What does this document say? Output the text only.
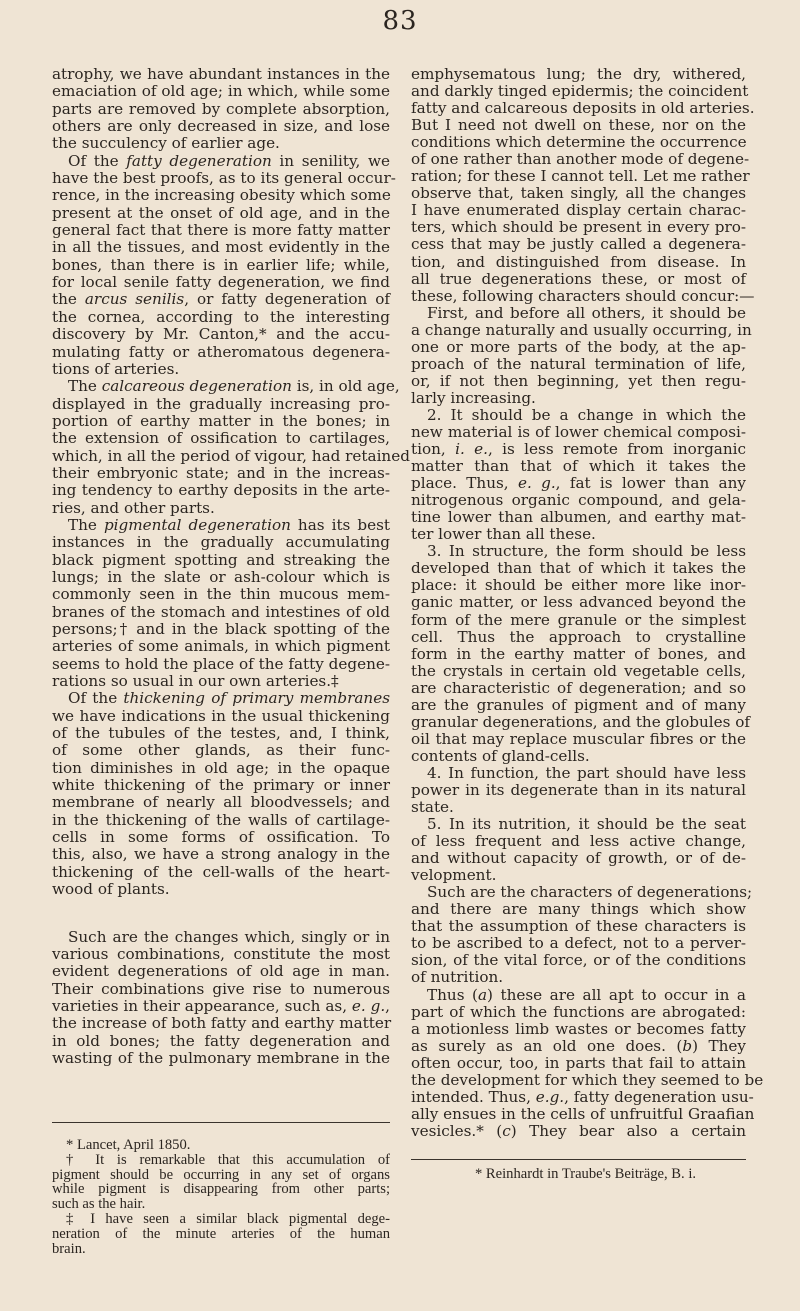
83
atrophy, we have abundant instances in the
emaciation of old age; in which, while some
parts are removed by complete absorption,
others are only decreased in size, and lose
the succulency of earlier age.
Of the fatty degeneration in senility, we
have the best proofs, as to its general occur-
rence, in the increasing obesity which some
present at the onset of old age, and in the
general fact that there is more fatty matter
in all the tissues, and most evidently in the
bones, than there is in earlier life; while,
for local senile fatty degeneration, we find
the arcus senilis, or fatty degeneration of
the cornea, according to the interesting
discovery by Mr. Canton,* and the accu-
mulating fatty or atheromatous degenera-
tions of arteries.
The calcareous degeneration is, in old age,
displayed in the gradually increasing pro-
portion of earthy matter in the bones; in
the extension of ossification to cartilages,
which, in all the period of vigour, had retained
their embryonic state; and in the increas-
ing tendency to earthy deposits in the arte-
ries, and other parts.
The pigmental degeneration has its best
instances in the gradually accumulating
black pigment spotting and streaking the
lungs; in the slate or ash-colour which is
commonly seen in the thin mucous mem-
branes of the stomach and intestines of old
persons;† and in the black spotting of the
arteries of some animals, in which pigment
seems to hold the place of the fatty degene-
rations so usual in our own arteries.‡
Of the thickening of primary membranes
we have indications in the usual thickening
of the tubules of the testes, and, I think,
of some other glands, as their func-
tion diminishes in old age; in the opaque
white thickening of the primary or inner
membrane of nearly all bloodvessels; and
in the thickening of the walls of cartilage-
cells in some forms of ossification. To
this, also, we have a strong analogy in the
thickening of the cell-walls of the heart-
wood of plants.
Such are the changes which, singly or in
various combinations, constitute the most
evident degenerations of old age in man.
Their combinations give rise to numerous
varieties in their appearance, such as, e. g.,
the increase of both fatty and earthy matter
in old bones; the fatty degeneration and
wasting of the pulmonary membrane in the
emphysematous lung; the dry, withered,
and darkly tinged epidermis; the coincident
fatty and calcareous deposits in old arteries.
But I need not dwell on these, nor on the
conditions which determine the occurrence
of one rather than another mode of degene-
ration; for these I cannot tell. Let me rather
observe that, taken singly, all the changes
I have enumerated display certain charac-
ters, which should be present in every pro-
cess that may be justly called a degenera-
tion, and distinguished from disease. In
all true degenerations these, or most of
these, following characters should concur:—
First, and before all others, it should be
a change naturally and usually occurring, in
one or more parts of the body, at the ap-
proach of the natural termination of life,
or, if not then beginning, yet then regu-
larly increasing.
2. It should be a change in which the
new material is of lower chemical composi-
tion, i. e., is less remote from inorganic
matter than that of which it takes the
place. Thus, e. g., fat is lower than any
nitrogenous organic compound, and gela-
tine lower than albumen, and earthy mat-
ter lower than all these.
3. In structure, the form should be less
developed than that of which it takes the
place: it should be either more like inor-
ganic matter, or less advanced beyond the
form of the mere granule or the simplest
cell. Thus the approach to crystalline
form in the earthy matter of bones, and
the crystals in certain old vegetable cells,
are characteristic of degeneration; and so
are the granules of pigment and of many
granular degenerations, and the globules of
oil that may replace muscular fibres or the
contents of gland-cells.
4. In function, the part should have less
power in its degenerate than in its natural
state.
5. In its nutrition, it should be the seat
of less frequent and less active change,
and without capacity of growth, or of de-
velopment.
Such are the characters of degenerations;
and there are many things which show
that the assumption of these characters is
to be ascribed to a defect, not to a perver-
sion, of the vital force, or of the conditions
of nutrition.
Thus (a) these are all apt to occur in a
part of which the functions are abrogated:
a motionless limb wastes or becomes fatty
as surely as an old one does. (b) They
often occur, too, in parts that fail to attain
the development for which they seemed to be
intended. Thus, e.g., fatty degeneration usu-
ally ensues in the cells of unfruitful Graafian
vesicles.* (c) They bear also a certain
* Lancet, April 1850.
† It is remarkable that this accumulation of
pigment should be occurring in any set of organs
while pigment is disappearing from other parts;
such as the hair.
‡ I have seen a similar black pigmental dege-
neration of the minute arteries of the human
brain.
* Reinhardt in Traube's Beiträge, B. i.
